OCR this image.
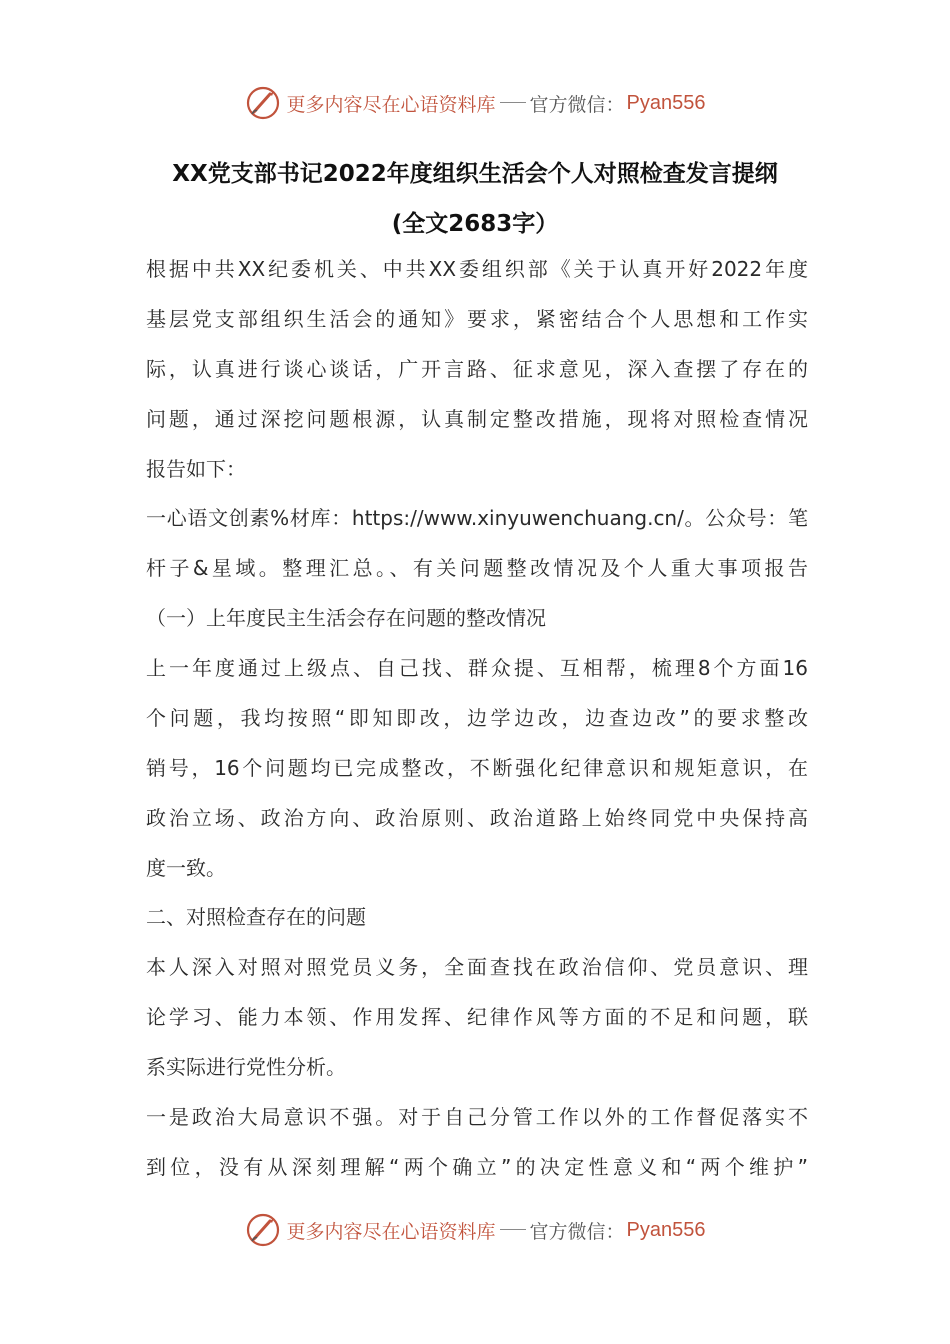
更多内容尽在心语资料库 官方微信： Pyan556
XX党支部书记2022年度组织生活会个人对照检查发言提纲
(全文2683字）
根据中共XX纪委机关、中共XX委组织部《关于认真开好2022年度
基层党支部组织生活会的通知》要求，紧密结合个人思想和工作实
际，认真进行谈心谈话，广开言路、征求意见，深入查摆了存在的
问题，通过深挖问题根源，认真制定整改措施，现将对照检查情况
报告如下：
一心语文创素%材库：https://www.xinyuwenchuang.cn/。公众号：笔
杆子&星域。整理汇总。、有关问题整改情况及个人重大事项报告
（一）上年度民主生活会存在问题的整改情况
上一年度通过上级点、自己找、群众提、互相帮，梳理8个方面16
个问题，我均按照“即知即改，边学边改，边查边改”的要求整改
销号，16个问题均已完成整改，不断强化纪律意识和规矩意识，在
政治立场、政治方向、政治原则、政治道路上始终同党中央保持高
度一致。
二、对照检查存在的问题
本人深入对照对照党员义务，全面查找在政治信仰、党员意识、理
论学习、能力本领、作用发挥、纪律作风等方面的不足和问题，联
系实际进行党性分析。
一是政治大局意识不强。对于自己分管工作以外的工作督促落实不
到位，没有从深刻理解“两个确立”的决定性意义和“两个维护”
更多内容尽在心语资料库 官方微信： Pyan556
